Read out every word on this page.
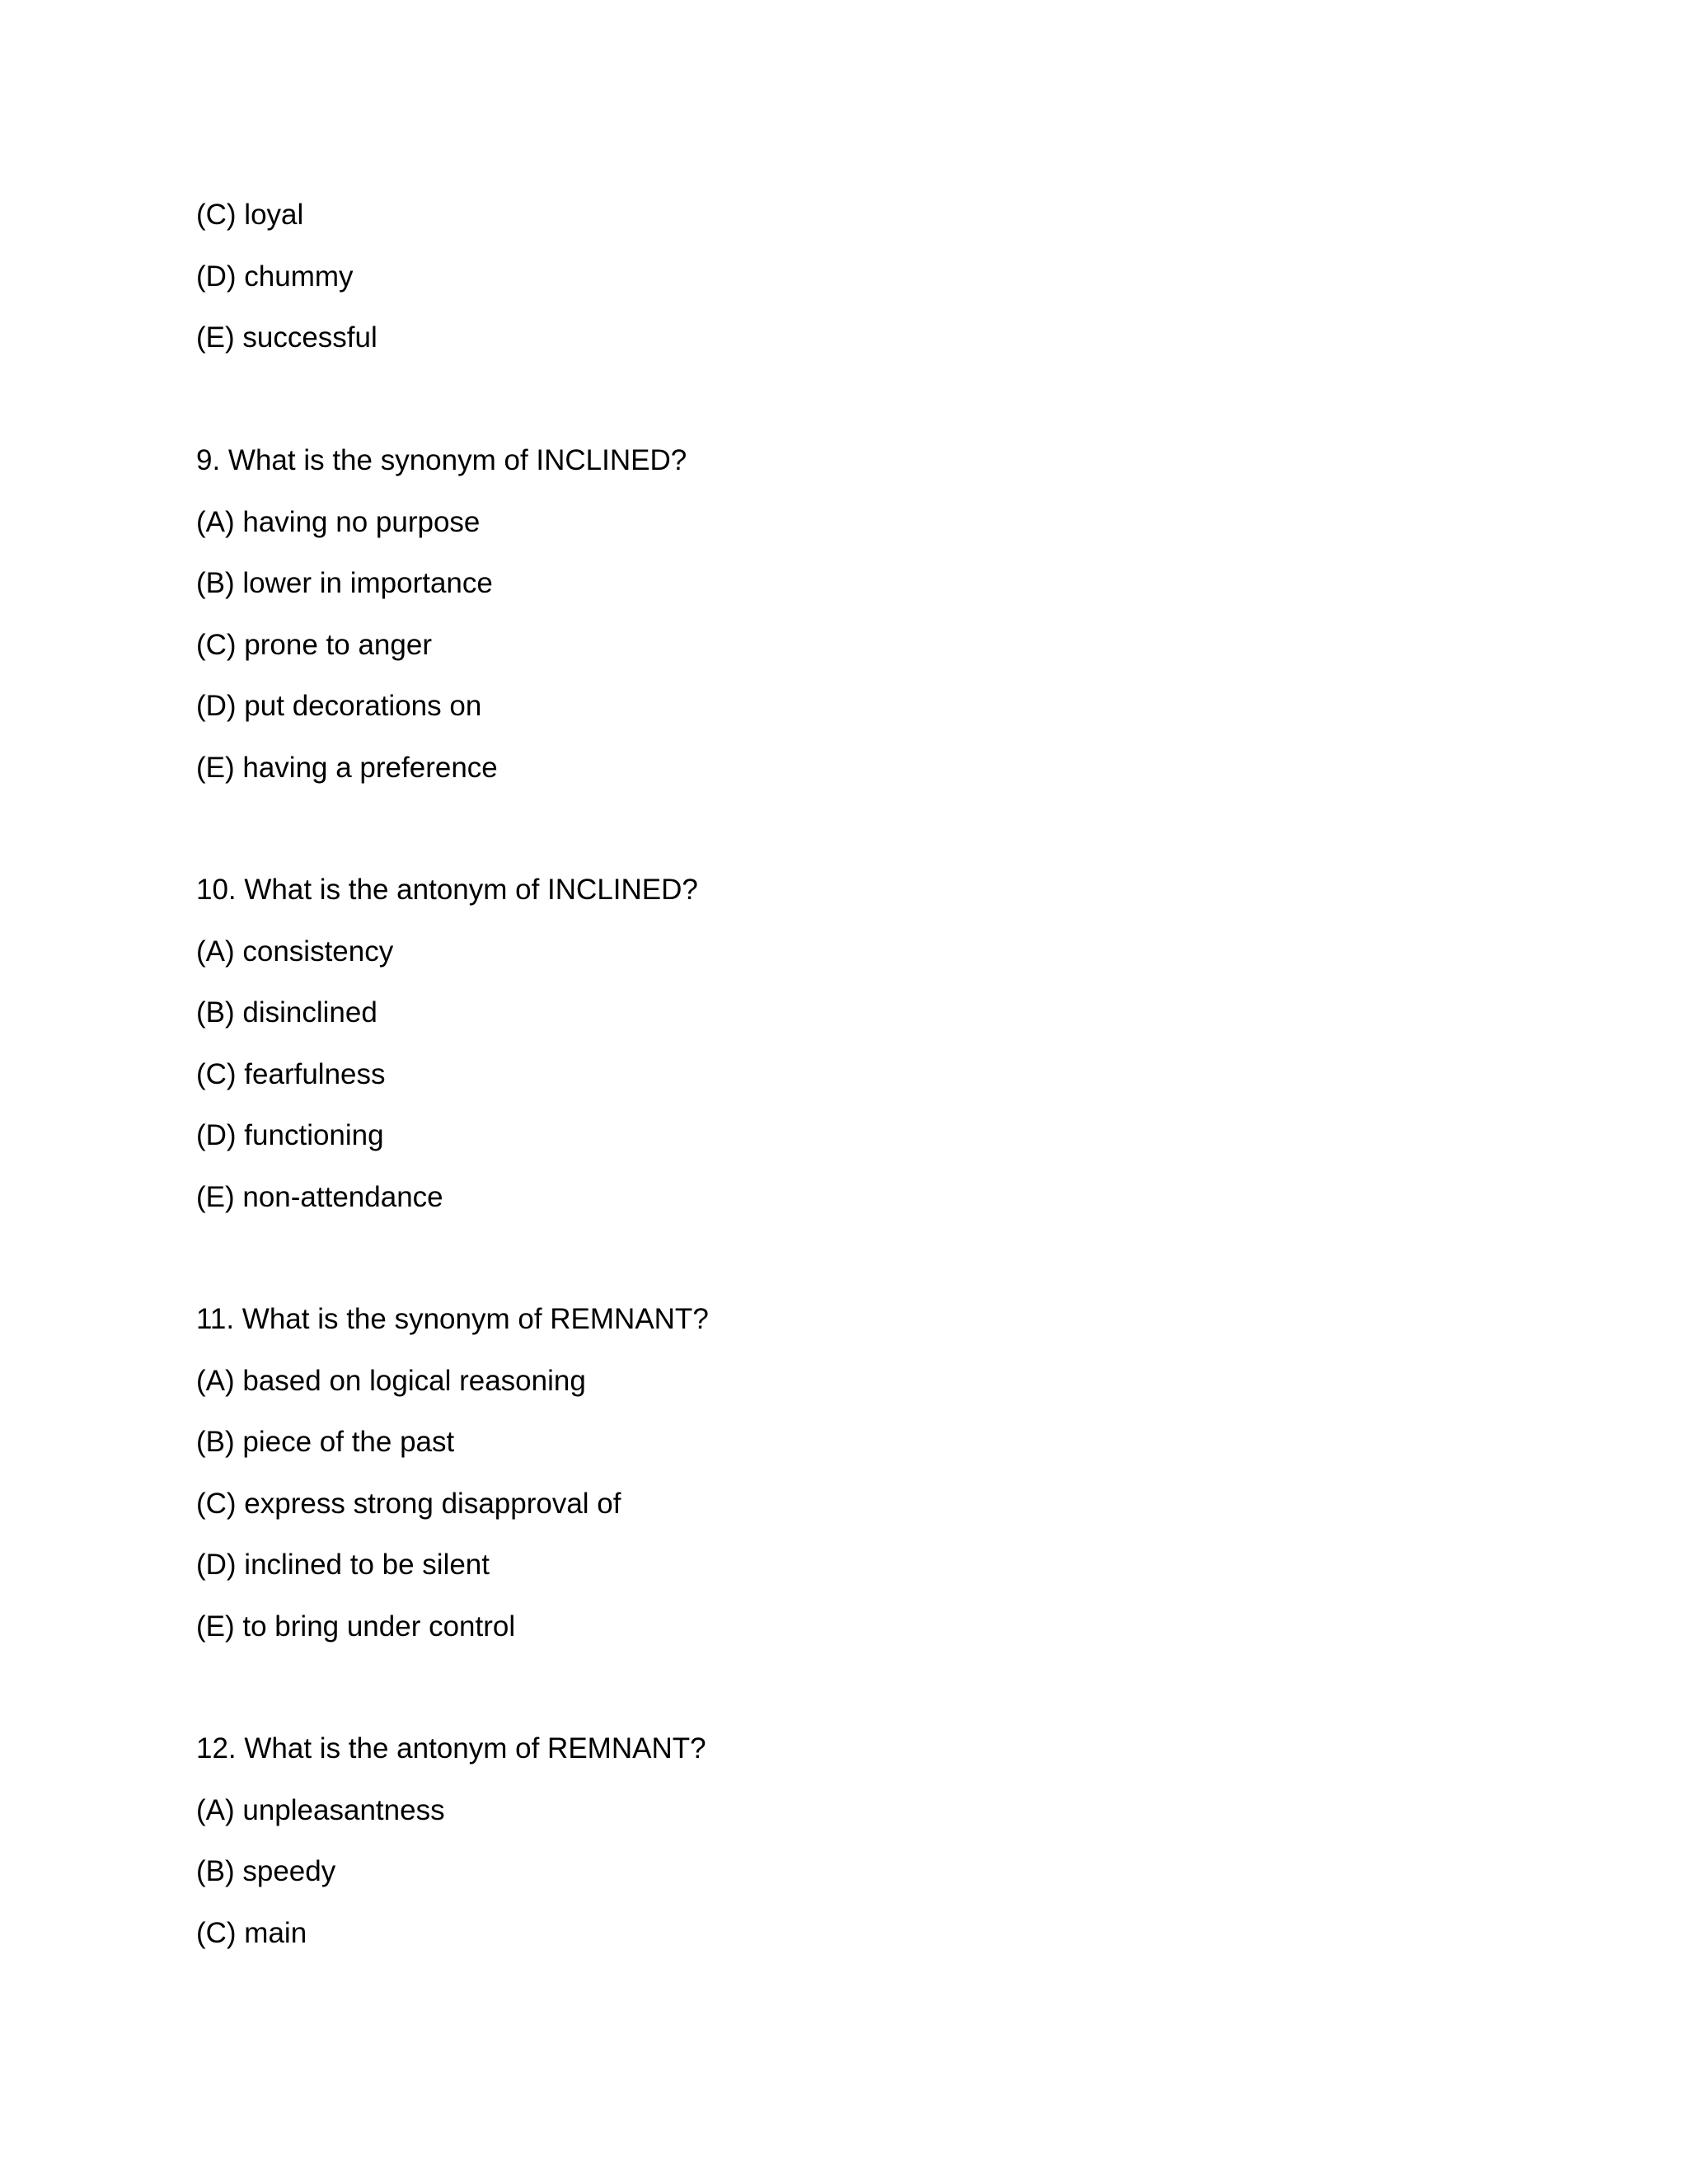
(C) loyal
(D) chummy
(E) successful
9. What is the synonym of INCLINED?
(A) having no purpose
(B) lower in importance
(C) prone to anger
(D) put decorations on
(E) having a preference
10. What is the antonym of INCLINED?
(A) consistency
(B) disinclined
(C) fearfulness
(D) functioning
(E) non-attendance
11. What is the synonym of REMNANT?
(A) based on logical reasoning
(B) piece of the past
(C) express strong disapproval of
(D) inclined to be silent
(E) to bring under control
12. What is the antonym of REMNANT?
(A) unpleasantness
(B) speedy
(C) main
